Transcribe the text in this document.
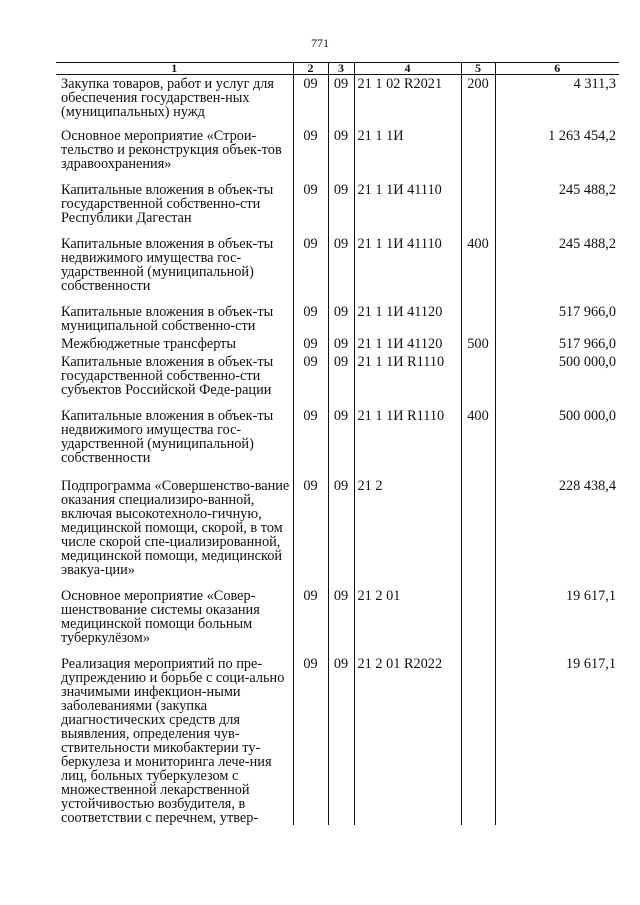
771
1	2	3	4	5	6
Закупка товаров, работ и услуг для обеспечения государствен-ных (муниципальных) нужд	09	09	21 1 02 R2021	200	4 311,3
Основное мероприятие «Строи-тельство и реконструкция объек-тов здравоохранения»	09	09	21 1 1И		1 263 454,2
Капитальные вложения в объек-ты государственной собственно-сти Республики Дагестан	09	09	21 1 1И 41110		245 488,2
Капитальные вложения в объек-ты недвижимого имущества гос-ударственной (муниципальной) собственности	09	09	21 1 1И 41110	400	245 488,2
Капитальные вложения в объек-ты муниципальной собственно-сти	09	09	21 1 1И 41120		517 966,0
Межбюджетные трансферты	09	09	21 1 1И 41120	500	517 966,0
Капитальные вложения в объек-ты государственной собственно-сти субъектов Российской Феде-рации	09	09	21 1 1И R1110		500 000,0
Капитальные вложения в объек-ты недвижимого имущества гос-ударственной (муниципальной) собственности	09	09	21 1 1И R1110	400	500 000,0
Подпрограмма «Совершенство-вание оказания специализиро-ванной, включая высокотехноло-гичную, медицинской помощи, скорой, в том числе скорой спе-циализированной, медицинской помощи, медицинской эвакуа-ции»	09	09	21 2		228 438,4
Основное мероприятие «Совер-шенствование системы оказания медицинской помощи больным туберкулёзом»	09	09	21 2 01		19 617,1
Реализация мероприятий по пре-дупреждению и борьбе с соци-ально значимыми инфекцион-ными заболеваниями (закупка диагностических средств для выявления, определения чув-ствительности микобактерии ту-беркулеза и мониторинга лече-ния лиц, больных туберкулезом с множественной лекарственной устойчивостью возбудителя, в соответствии с перечнем, утвер-	09	09	21 2 01 R2022		19 617,1
